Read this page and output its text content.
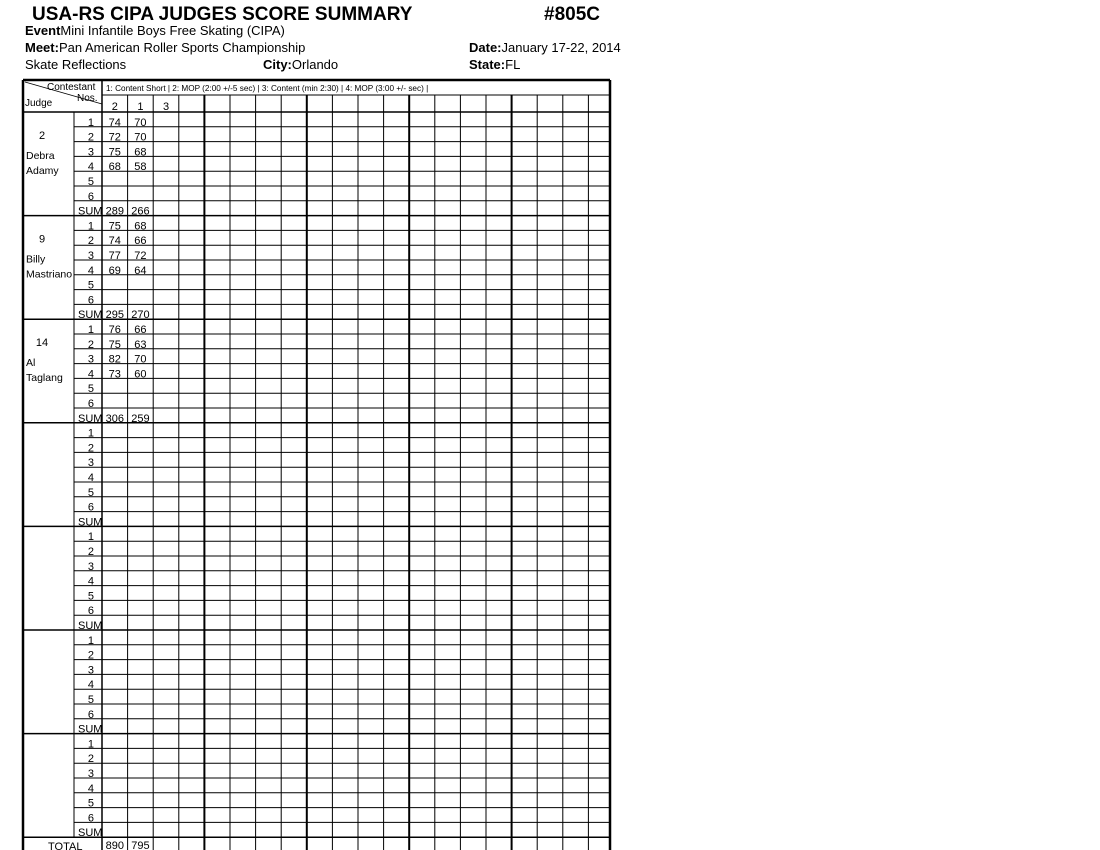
USA-RS CIPA JUDGES SCORE SUMMARY	#805C
EventMini Infantile Boys Free Skating (CIPA)
Meet:Pan American Roller Sports Championship	Date:January 17-22, 2014
Skate Reflections	City:Orlando	State:FL
Contestant
Nos.
Judge
1: Content Short | 2: MOP (2:00 +/-5 sec) | 3: Content (min 2:30) | 4: MOP (3:00 +/- sec) |
2 1 3
2
Debra
Adamy
1 74 70
2 72 70
3 75 68
4 68 58
5
6
SUM 289 266
9
Billy
Mastriano
1 75 68
2 74 66
3 77 72
4 69 64
5
6
SUM 295 270
14
Al
Taglang
1 76 66
2 75 63
3 82 70
4 73 60
5
6
SUM 306 259
1
2
3
4
5
6
SUM
1
2
3
4
5
6
SUM
1
2
3
4
5
6
SUM
1
2
3
4
5
6
SUM
TOTAL 890 795
